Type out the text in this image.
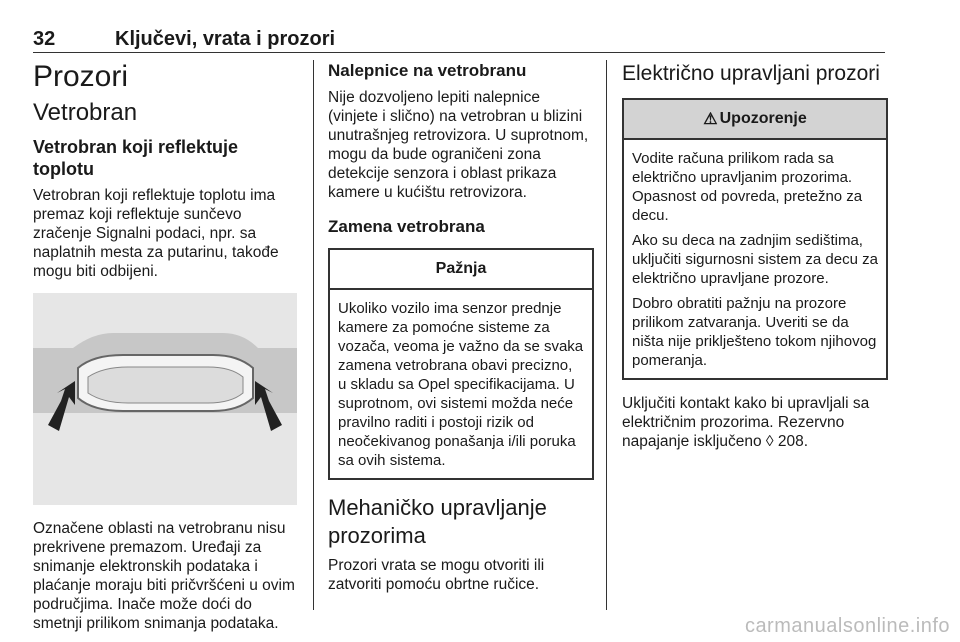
32	Ključevi, vrata i prozori
Prozori
Vetrobran
Vetrobran koji reflektuje toplotu

Vetrobran koji reflektuje toplotu ima premaz koji reflektuje sunčevo zračenje Signalni podaci, npr. sa naplatnih mesta za putarinu, takođe mogu biti odbijeni.

Označene oblasti na vetrobranu nisu prekrivene premazom. Uređaji za snimanje elektronskih podataka i plaćanje moraju biti pričvršćeni u ovim područjima. Inače može doći do smetnji prilikom snimanja podataka.

Nalepnice na vetrobranu

Nije dozvoljeno lepiti nalepnice (vinjete i slično) na vetrobran u blizini unutrašnjeg retrovizora. U suprotnom, mogu da bude ograničeni zona detekcije senzora i oblast prikaza kamere u kućištu retrovizora.

Zamena vetrobrana
Pažnja

Ukoliko vozilo ima senzor prednje kamere za pomoćne sisteme za vozača, veoma je važno da se svaka zamena vetrobrana obavi precizno, u skladu sa Opel specifikacijama. U suprotnom, ovi sistemi možda neće pravilno raditi i postoji rizik od neočekivanog ponašanja i/ili poruka sa ovih sistema.

Mehaničko upravljanje prozorima

Prozori vrata se mogu otvoriti ili zatvoriti pomoću obrtne ručice.

Električno upravljani prozori
⚠ Upozorenje

Vodite računa prilikom rada sa električno upravljanim prozorima. Opasnost od povreda, pretežno za decu.

Ako su deca na zadnjim sedištima, uključiti sigurnosni sistem za decu za električno upravljane prozore.

Dobro obratiti pažnju na prozore prilikom zatvaranja. Uveriti se da ništa nije priklješteno tokom njihovog pomeranja.

Uključiti kontakt kako bi upravljali sa električnim prozorima. Rezervno napajanje isključeno ◊ 208.

carmanualsonline.info
